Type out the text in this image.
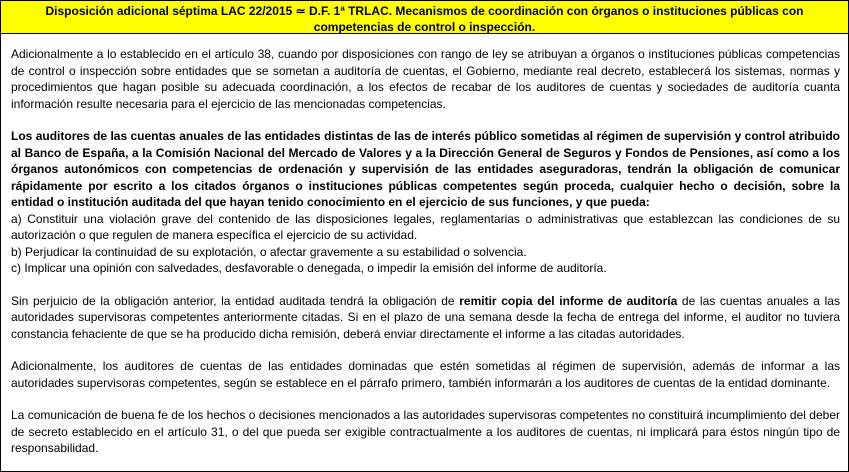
Disposición adicional séptima LAC 22/2015 ≃ D.F. 1ª TRLAC. Mecanismos de coordinación con órganos o instituciones públicas con competencias de control o inspección.

Adicionalmente a lo establecido en el artículo 38, cuando por disposiciones con rango de ley se atribuyan a órganos o instituciones públicas competencias de control o inspección sobre entidades que se sometan a auditoría de cuentas, el Gobierno, mediante real decreto, establecerá los sistemas, normas y procedimientos que hagan posible su adecuada coordinación, a los efectos de recabar de los auditores de cuentas y sociedades de auditoría cuanta información resulte necesaria para el ejercicio de las mencionadas competencias.

Los auditores de las cuentas anuales de las entidades distintas de las de interés público sometidas al régimen de supervisión y control atribuido al Banco de España, a la Comisión Nacional del Mercado de Valores y a la Dirección General de Seguros y Fondos de Pensiones, así como a los órganos autonómicos con competencias de ordenación y supervisión de las entidades aseguradoras, tendrán la obligación de comunicar rápidamente por escrito a los citados órganos o instituciones públicas competentes según proceda, cualquier hecho o decisión, sobre la entidad o institución auditada del que hayan tenido conocimiento en el ejercicio de sus funciones, y que pueda:

a) Constituir una violación grave del contenido de las disposiciones legales, reglamentarias o administrativas que establezcan las condiciones de su autorización o que regulen de manera específica el ejercicio de su actividad.

b) Perjudicar la continuidad de su explotación, o afectar gravemente a su estabilidad o solvencia.

c) Implicar una opinión con salvedades, desfavorable o denegada, o impedir la emisión del informe de auditoría.

Sin perjuicio de la obligación anterior, la entidad auditada tendrá la obligación de remitir copia del informe de auditoría de las cuentas anuales a las autoridades supervisoras competentes anteriormente citadas. Si en el plazo de una semana desde la fecha de entrega del informe, el auditor no tuviera constancia fehaciente de que se ha producido dicha remisión, deberá enviar directamente el informe a las citadas autoridades.

Adicionalmente, los auditores de cuentas de las entidades dominadas que estén sometidas al régimen de supervisión, además de informar a las autoridades supervisoras competentes, según se establece en el párrafo primero, también informarán a los auditores de cuentas de la entidad dominante.

La comunicación de buena fe de los hechos o decisiones mencionados a las autoridades supervisoras competentes no constituirá incumplimiento del deber de secreto establecido en el artículo 31, o del que pueda ser exigible contractualmente a los auditores de cuentas, ni implicará para éstos ningún tipo de responsabilidad.
